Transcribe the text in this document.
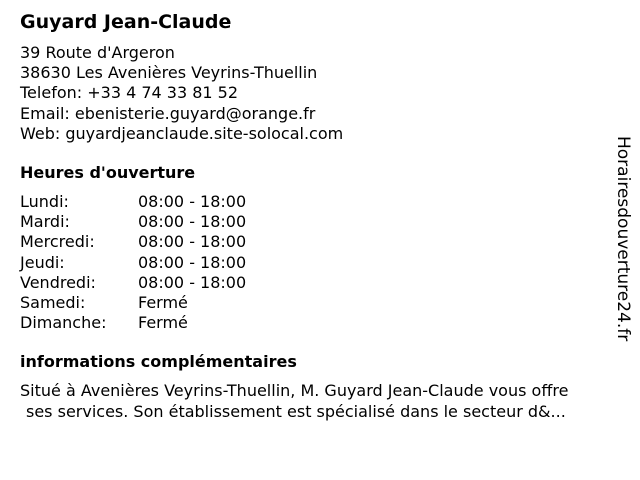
Guyard Jean-Claude
39 Route d'Argeron
38630 Les Avenières Veyrins-Thuellin
Telefon: +33 4 74 33 81 52
Email: ebenisterie.guyard@orange.fr
Web: guyardjeanclaude.site-solocal.com
Heures d'ouverture
Lundi:	08:00 - 18:00
Mardi:	08:00 - 18:00
Mercredi:	08:00 - 18:00
Jeudi:	08:00 - 18:00
Vendredi:	08:00 - 18:00
Samedi:	Fermé
Dimanche:	Fermé
informations complémentaires
Situé à Avenières Veyrins-Thuellin, M. Guyard Jean-Claude vous offre
ses services. Son établissement est spécialisé dans le secteur d&...
Horairesdouverture24.fr
